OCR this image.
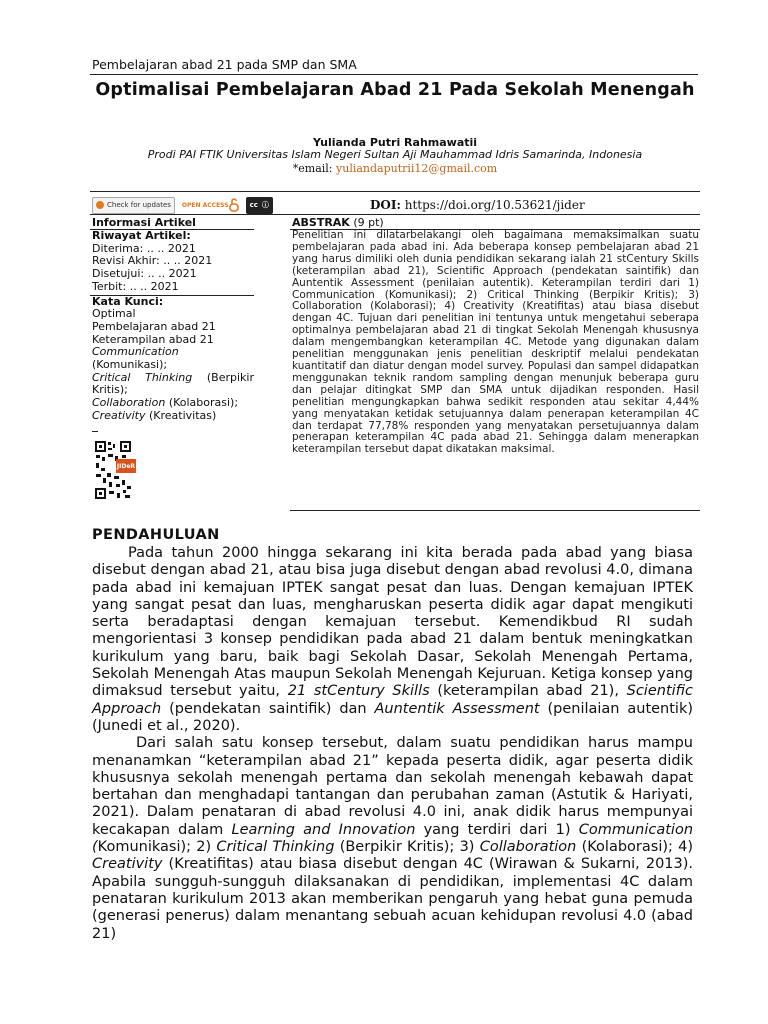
Pembelajaran abad 21 pada SMP dan SMA
Optimalisai Pembelajaran Abad 21 Pada Sekolah Menengah
Yulianda Putri Rahmawatii
Prodi PAI FTIK Universitas Islam Negeri Sultan Aji Mauhammad Idris Samarinda, Indonesia
*email: yuliandaputrii12@gmail.com
Check for updates OPEN ACCESS	cc ⓘ	DOI: https://doi.org/10.53621/jider
Informasi Artikel	ABSTRAK (9 pt)
Riwayat Artikel:
Diterima: .. .. 2021
Revisi Akhir: .. .. 2021
Disetujui: .. .. 2021
Terbit: .. .. 2021
Kata Kunci:
Optimal
Pembelajaran abad 21
Keterampilan abad 21
Communication
(Komunikasi);
Critical Thinking (Berpikir
Kritis);
Collaboration (Kolaborasi);
Creativity (Kreativitas)
JIDeR
Penelitian ini dilatarbelakangi oleh bagaimana memaksimalkan suatu pembelajaran pada abad ini. Ada beberapa konsep pembelajaran abad 21 yang harus dimiliki oleh dunia pendidikan sekarang ialah 21 stCentury Skills (keterampilan abad 21), Scientific Approach (pendekatan saintifik) dan Auntentik Assessment (penilaian autentik). Keterampilan terdiri dari 1) Communication (Komunikasi); 2) Critical Thinking (Berpikir Kritis); 3) Collaboration (Kolaborasi); 4) Creativity (Kreatifitas) atau biasa disebut dengan 4C. Tujuan dari penelitian ini tentunya untuk mengetahui seberapa optimalnya pembelajaran abad 21 di tingkat Sekolah Menengah khususnya dalam mengembangkan keterampilan 4C. Metode yang digunakan dalam penelitian menggunakan jenis penelitian deskriptif melalui pendekatan kuantitatif dan diatur dengan model survey. Populasi dan sampel didapatkan menggunakan teknik random sampling dengan menunjuk beberapa guru dan pelajar ditingkat SMP dan SMA untuk dijadikan responden. Hasil penelitian mengungkapkan bahwa sedikit responden atau sekitar 4,44% yang menyatakan ketidak setujuannya dalam penerapan keterampilan 4C dan terdapat 77,78% responden yang menyatakan persetujuannya dalam penerapan keterampilan 4C pada abad 21. Sehingga dalam menerapkan keterampilan tersebut dapat dikatakan maksimal.
PENDAHULUAN

Pada tahun 2000 hingga sekarang ini kita berada pada abad yang biasa disebut dengan abad 21, atau bisa juga disebut dengan abad revolusi 4.0, dimana pada abad ini kemajuan IPTEK sangat pesat dan luas. Dengan kemajuan IPTEK yang sangat pesat dan luas, mengharuskan peserta didik agar dapat mengikuti serta beradaptasi dengan kemajuan tersebut. Kemendikbud RI sudah mengorientasi 3 konsep pendidikan pada abad 21 dalam bentuk meningkatkan kurikulum yang baru, baik bagi Sekolah Dasar, Sekolah Menengah Pertama, Sekolah Menengah Atas maupun Sekolah Menengah Kejuruan. Ketiga konsep yang dimaksud tersebut yaitu, 21 stCentury Skills (keterampilan abad 21), Scientific Approach (pendekatan saintifik) dan Auntentik Assessment (penilaian autentik) (Junedi et al., 2020).

Dari salah satu konsep tersebut, dalam suatu pendidikan harus mampu menanamkan “keterampilan abad 21” kepada peserta didik, agar peserta didik khususnya sekolah menengah pertama dan sekolah menengah kebawah dapat bertahan dan menghadapi tantangan dan perubahan zaman (Astutik & Hariyati, 2021). Dalam penataran di abad revolusi 4.0 ini, anak didik harus mempunyai kecakapan dalam Learning and Innovation yang terdiri dari 1) Communication (Komunikasi); 2) Critical Thinking (Berpikir Kritis); 3) Collaboration (Kolaborasi); 4) Creativity (Kreatifitas) atau biasa disebut dengan 4C (Wirawan & Sukarni, 2013). Apabila sungguh-sungguh dilaksanakan di pendidikan, implementasi 4C dalam penataran kurikulum 2013 akan memberikan pengaruh yang hebat guna pemuda (generasi penerus) dalam menantang sebuah acuan kehidupan revolusi 4.0 (abad 21)
